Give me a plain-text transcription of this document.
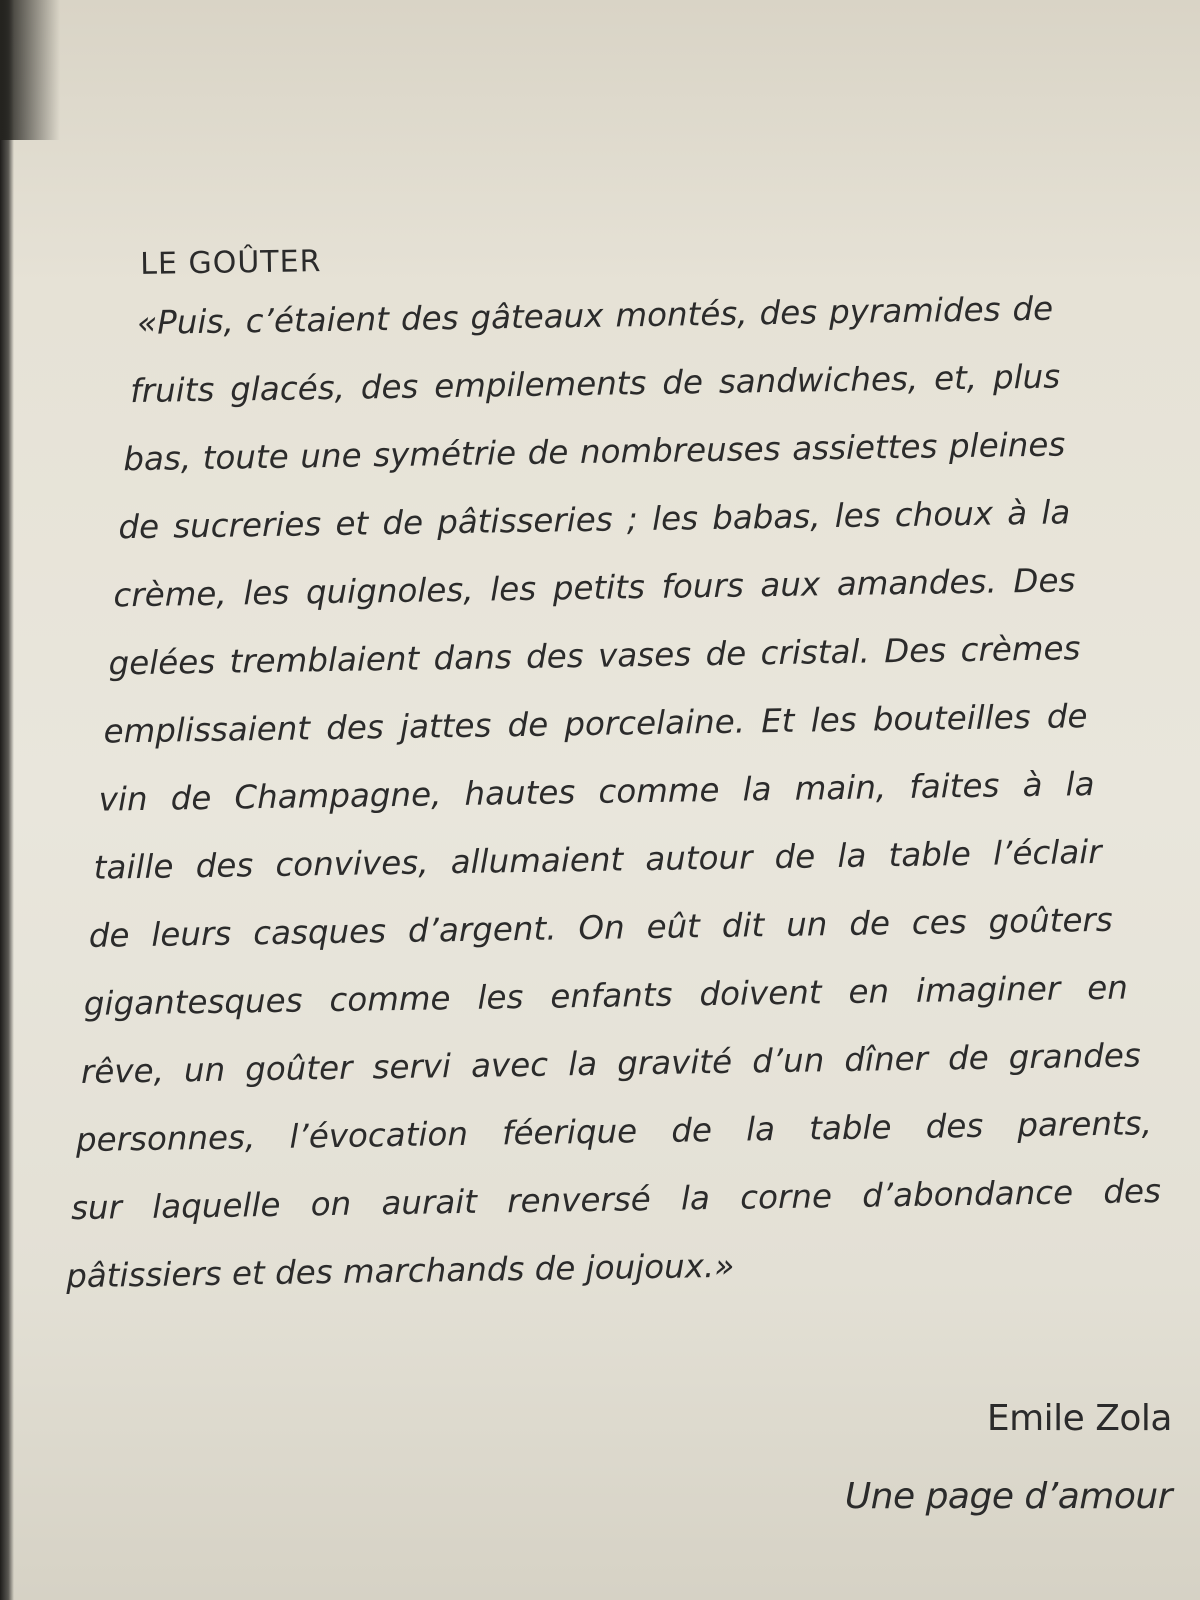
LE GOÛTER
«Puis, c’étaient des gâteaux montés, des pyramides de
fruits glacés, des empilements de sandwiches, et, plus
bas, toute une symétrie de nombreuses assiettes pleines
de sucreries et de pâtisseries ; les babas, les choux à la
crème, les quignoles, les petits fours aux amandes. Des
gelées tremblaient dans des vases de cristal. Des crèmes
emplissaient des jattes de porcelaine. Et les bouteilles de
vin de Champagne, hautes comme la main, faites à la
taille des convives, allumaient autour de la table l’éclair
de leurs casques d’argent. On eût dit un de ces goûters
gigantesques comme les enfants doivent en imaginer en
rêve, un goûter servi avec la gravité d’un dîner de grandes
personnes, l’évocation féerique de la table des parents,
sur laquelle on aurait renversé la corne d’abondance des
pâtissiers et des marchands de joujoux.»
Emile Zola
Une page d’amour
